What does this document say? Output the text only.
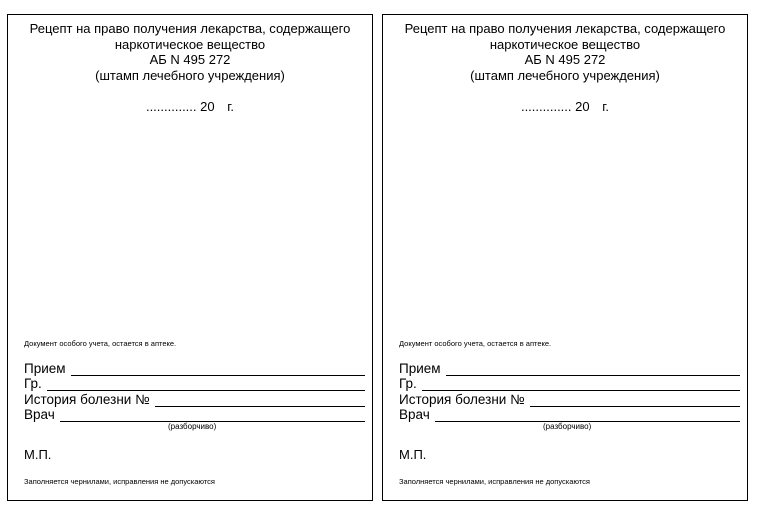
Рецепт на право получения лекарства, содержащего
наркотическое вещество
АБ N 495 272
(штамп лечебного учреждения)
.............. 20 г.
Документ особого учета, остается в аптеке.
Прием
Гр.
История болезни №
Врач
(разборчиво)
М.П.
Заполняется чернилами, исправления не допускаются
Рецепт на право получения лекарства, содержащего
наркотическое вещество
АБ N 495 272
(штамп лечебного учреждения)
.............. 20 г.
Документ особого учета, остается в аптеке.
Прием
Гр.
История болезни №
Врач
(разборчиво)
М.П.
Заполняется чернилами, исправления не допускаются
